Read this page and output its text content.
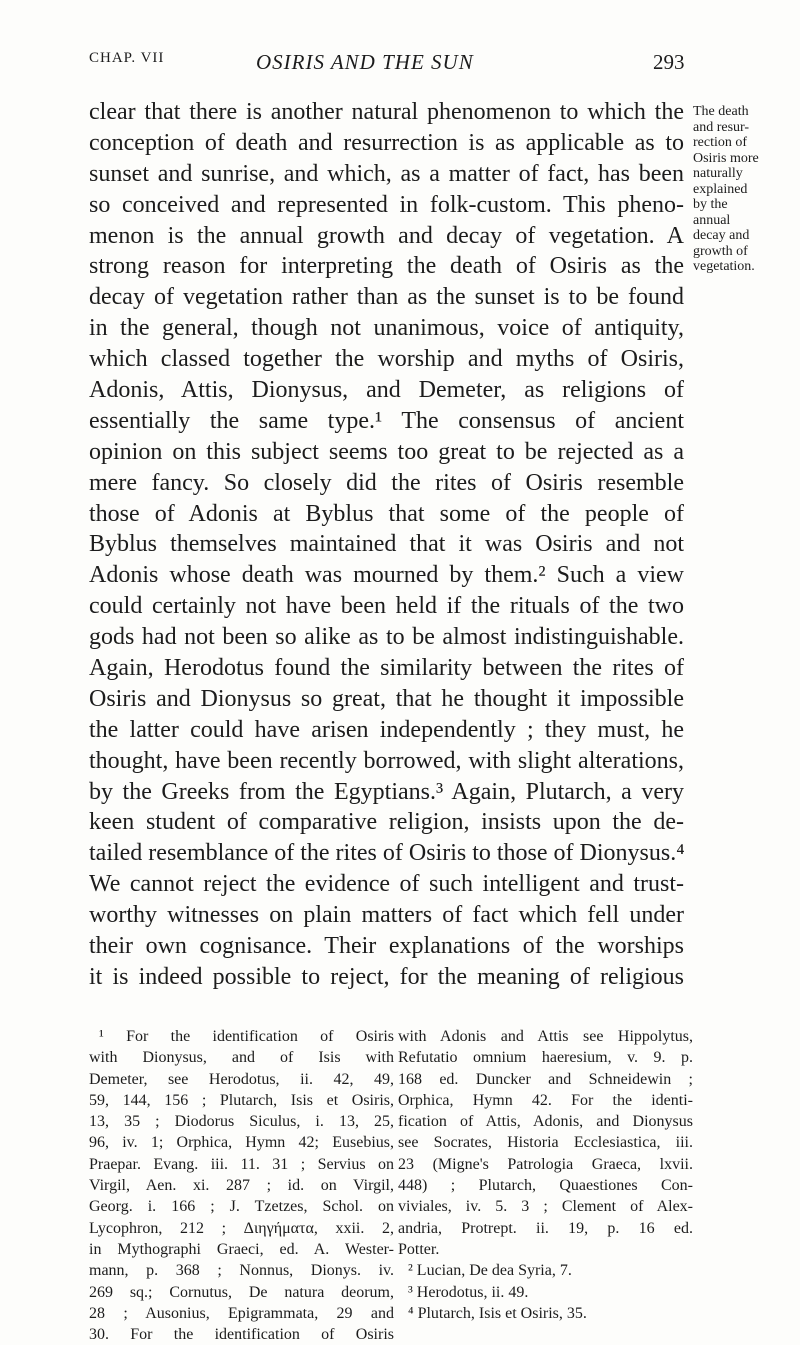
CHAP. VII	OSIRIS AND THE SUN	293
clear that there is another natural phenomenon to which the
conception of death and resurrection is as applicable as to
sunset and sunrise, and which, as a matter of fact, has been
so conceived and represented in folk-custom. This pheno-
menon is the annual growth and decay of vegetation. A
strong reason for interpreting the death of Osiris as the
decay of vegetation rather than as the sunset is to be found
in the general, though not unanimous, voice of antiquity,
which classed together the worship and myths of Osiris,
Adonis, Attis, Dionysus, and Demeter, as religions of
essentially the same type.¹ The consensus of ancient
opinion on this subject seems too great to be rejected as a
mere fancy. So closely did the rites of Osiris resemble
those of Adonis at Byblus that some of the people of
Byblus themselves maintained that it was Osiris and not
Adonis whose death was mourned by them.² Such a view
could certainly not have been held if the rituals of the two
gods had not been so alike as to be almost indistinguishable.
Again, Herodotus found the similarity between the rites of
Osiris and Dionysus so great, that he thought it impossible
the latter could have arisen independently ; they must, he
thought, have been recently borrowed, with slight alterations,
by the Greeks from the Egyptians.³ Again, Plutarch, a very
keen student of comparative religion, insists upon the de-
tailed resemblance of the rites of Osiris to those of Dionysus.⁴
We cannot reject the evidence of such intelligent and trust-
worthy witnesses on plain matters of fact which fell under
their own cognisance. Their explanations of the worships
it is indeed possible to reject, for the meaning of religious
The death
and resur-
rection of
Osiris more
naturally
explained
by the
annual
decay and
growth of
vegetation.
¹ For the identification of Osiris
with Dionysus, and of Isis with
Demeter, see Herodotus, ii. 42, 49,
59, 144, 156 ; Plutarch, Isis et Osiris,
13, 35 ; Diodorus Siculus, i. 13, 25,
96, iv. 1; Orphica, Hymn 42; Eusebius,
Praepar. Evang. iii. 11. 31 ; Servius on
Virgil, Aen. xi. 287 ; id. on Virgil,
Georg. i. 166 ; J. Tzetzes, Schol. on
Lycophron, 212 ; Διηγήματα, xxii. 2,
in Mythographi Graeci, ed. A. Wester-
mann, p. 368 ; Nonnus, Dionys. iv.
269 sq.; Cornutus, De natura deorum,
28 ; Ausonius, Epigrammata, 29 and
30. For the identification of Osiris
with Adonis and Attis see Hippolytus,
Refutatio omnium haeresium, v. 9. p.
168 ed. Duncker and Schneidewin ;
Orphica, Hymn 42. For the identi-
fication of Attis, Adonis, and Dionysus
see Socrates, Historia Ecclesiastica, iii.
23 (Migne's Patrologia Graeca, lxvii.
448) ; Plutarch, Quaestiones Con-
viviales, iv. 5. 3 ; Clement of Alex-
andria, Protrept. ii. 19, p. 16 ed.
Potter.
² Lucian, De dea Syria, 7.
³ Herodotus, ii. 49.
⁴ Plutarch, Isis et Osiris, 35.
